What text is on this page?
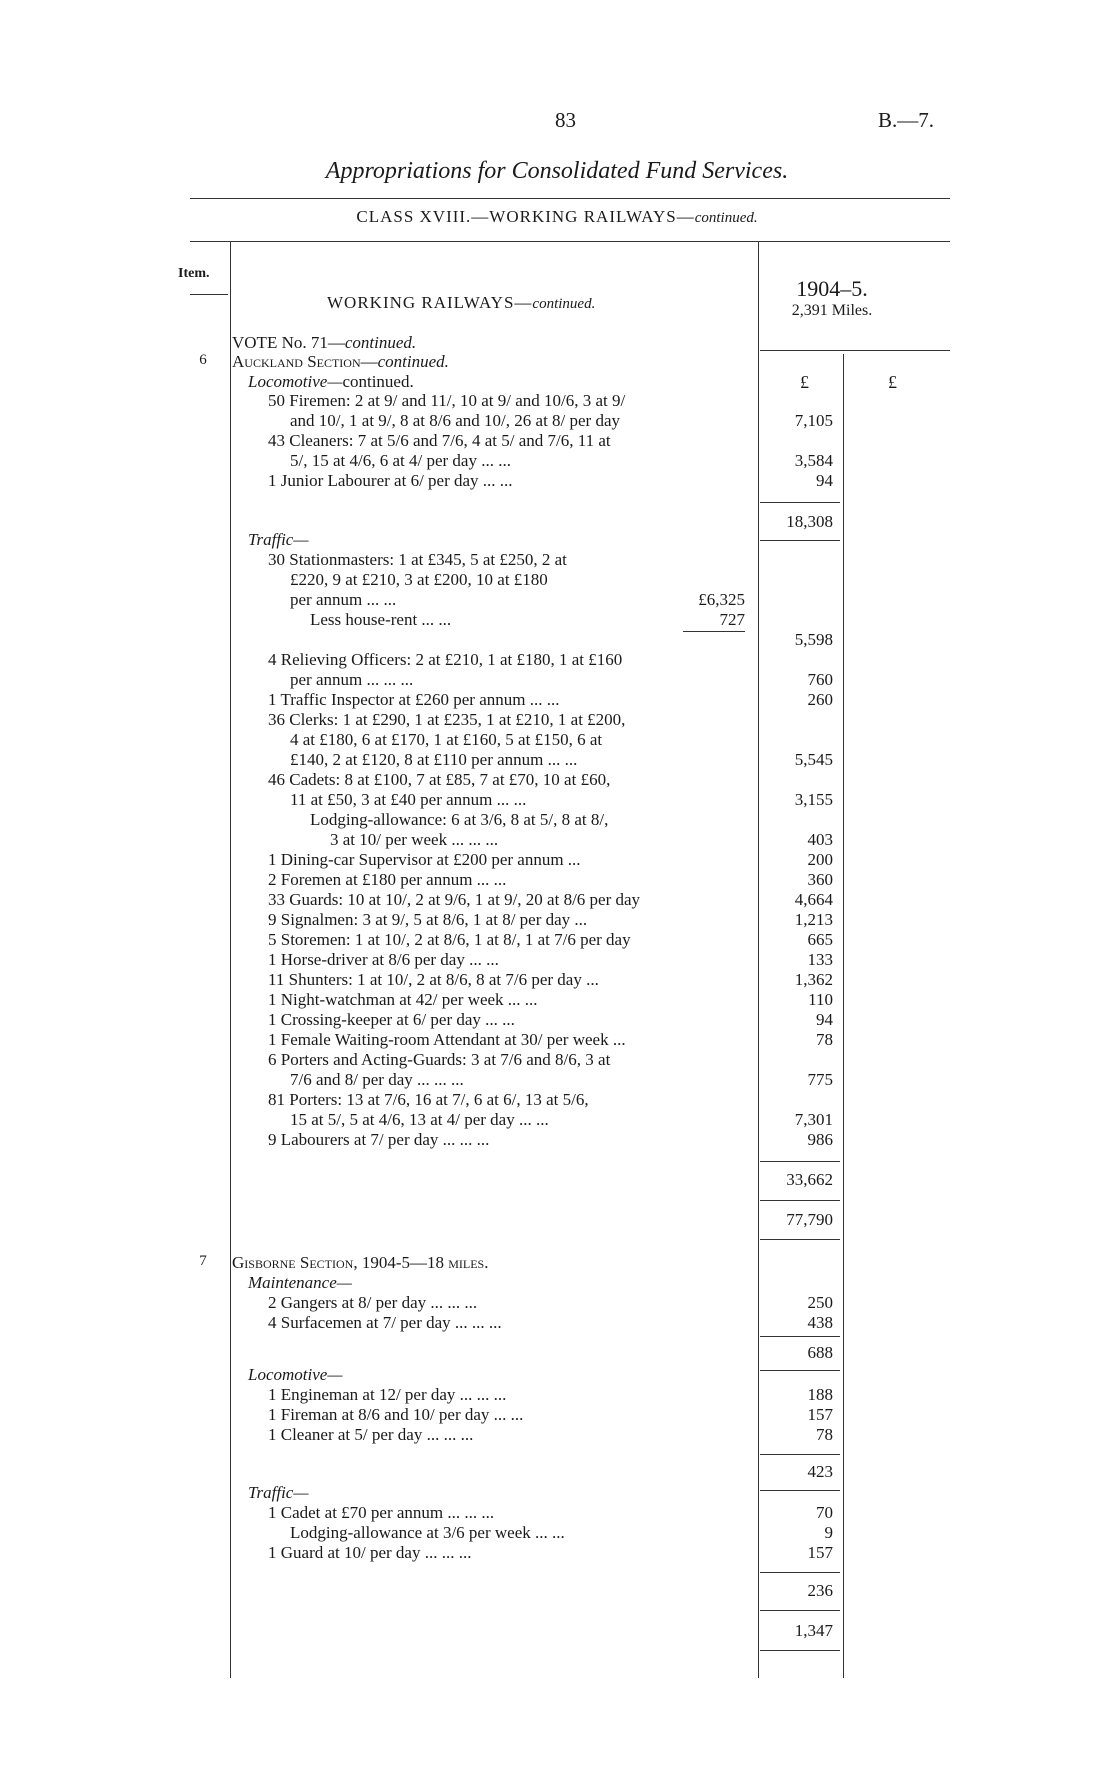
83	B.—7.
Appropriations for Consolidated Fund Services.
CLASS XVIII.—WORKING RAILWAYS—continued.
Item.
WORKING RAILWAYS—continued.
1904–5.
2,391 Miles.
£	£
6
7
VOTE No. 71—continued.
Auckland Section—continued.
Locomotive—continued.
50 Firemen: 2 at 9/ and 11/, 10 at 9/ and 10/6, 3 at 9/
and 10/, 1 at 9/, 8 at 8/6 and 10/, 26 at 8/ per day
43 Cleaners: 7 at 5/6 and 7/6, 4 at 5/ and 7/6, 11 at
5/, 15 at 4/6, 6 at 4/ per day ... ...
1 Junior Labourer at 6/ per day ... ...
7,105
3,584
94
18,308
Traffic—
30 Stationmasters: 1 at £345, 5 at £250, 2 at
£220, 9 at £210, 3 at £200, 10 at £180
per annum ... ...
Less house-rent ... ...
£6,325
727
5,598
4 Relieving Officers: 2 at £210, 1 at £180, 1 at £160
per annum ... ... ...
1 Traffic Inspector at £260 per annum ... ...
36 Clerks: 1 at £290, 1 at £235, 1 at £210, 1 at £200,
4 at £180, 6 at £170, 1 at £160, 5 at £150, 6 at
£140, 2 at £120, 8 at £110 per annum ... ...
46 Cadets: 8 at £100, 7 at £85, 7 at £70, 10 at £60,
11 at £50, 3 at £40 per annum ... ...
Lodging-allowance: 6 at 3/6, 8 at 5/, 8 at 8/,
3 at 10/ per week ... ... ...
1 Dining-car Supervisor at £200 per annum ...
2 Foremen at £180 per annum ... ...
33 Guards: 10 at 10/, 2 at 9/6, 1 at 9/, 20 at 8/6 per day
9 Signalmen: 3 at 9/, 5 at 8/6, 1 at 8/ per day ...
5 Storemen: 1 at 10/, 2 at 8/6, 1 at 8/, 1 at 7/6 per day
1 Horse-driver at 8/6 per day ... ...
11 Shunters: 1 at 10/, 2 at 8/6, 8 at 7/6 per day ...
1 Night-watchman at 42/ per week ... ...
1 Crossing-keeper at 6/ per day ... ...
1 Female Waiting-room Attendant at 30/ per week ...
6 Porters and Acting-Guards: 3 at 7/6 and 8/6, 3 at
7/6 and 8/ per day ... ... ...
81 Porters: 13 at 7/6, 16 at 7/, 6 at 6/, 13 at 5/6,
15 at 5/, 5 at 4/6, 13 at 4/ per day ... ...
9 Labourers at 7/ per day ... ... ...
760
260
5,545
3,155
403
200
360
4,664
1,213
665
133
1,362
110
94
78
775
7,301
986
33,662
77,790
Gisborne Section, 1904-5—18 miles.
Maintenance—
2 Gangers at 8/ per day ... ... ...
4 Surfacemen at 7/ per day ... ... ...
250
438
688
Locomotive—
1 Engineman at 12/ per day ... ... ...
1 Fireman at 8/6 and 10/ per day ... ...
1 Cleaner at 5/ per day ... ... ...
188
157
78
423
Traffic—
1 Cadet at £70 per annum ... ... ...
Lodging-allowance at 3/6 per week ... ...
1 Guard at 10/ per day ... ... ...
70
9
157
236
1,347
